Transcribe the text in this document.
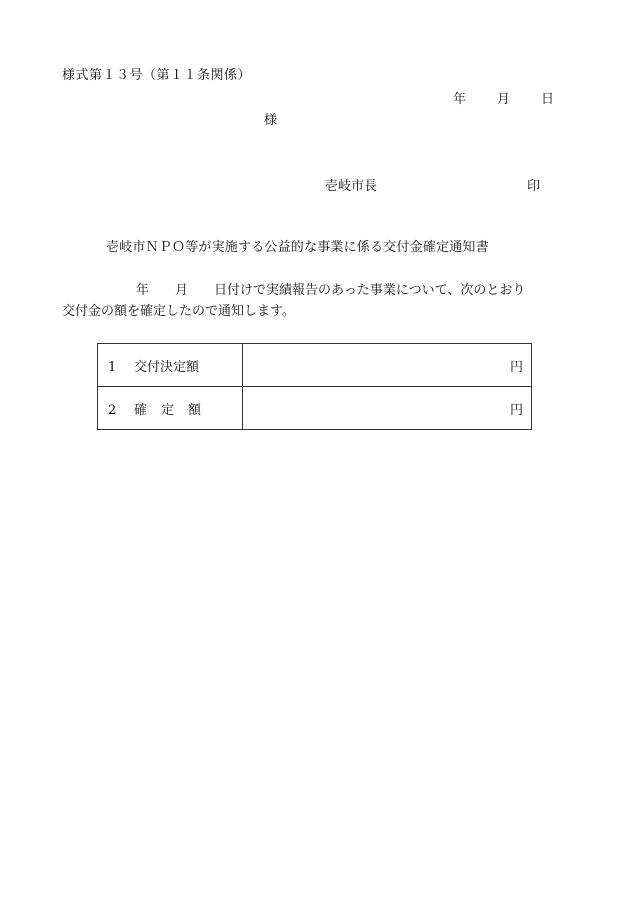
様式第１３号（第１１条関係）
年 月 日
様
壱岐市長	印
壱岐市ＮＰＯ等が実施する公益的な事業に係る交付金確定通知書
年 月 日付けで実績報告のあった事業について、次のとおり
交付金の額を確定したので通知します。
1 交付決定額	円
2 確定額	円
